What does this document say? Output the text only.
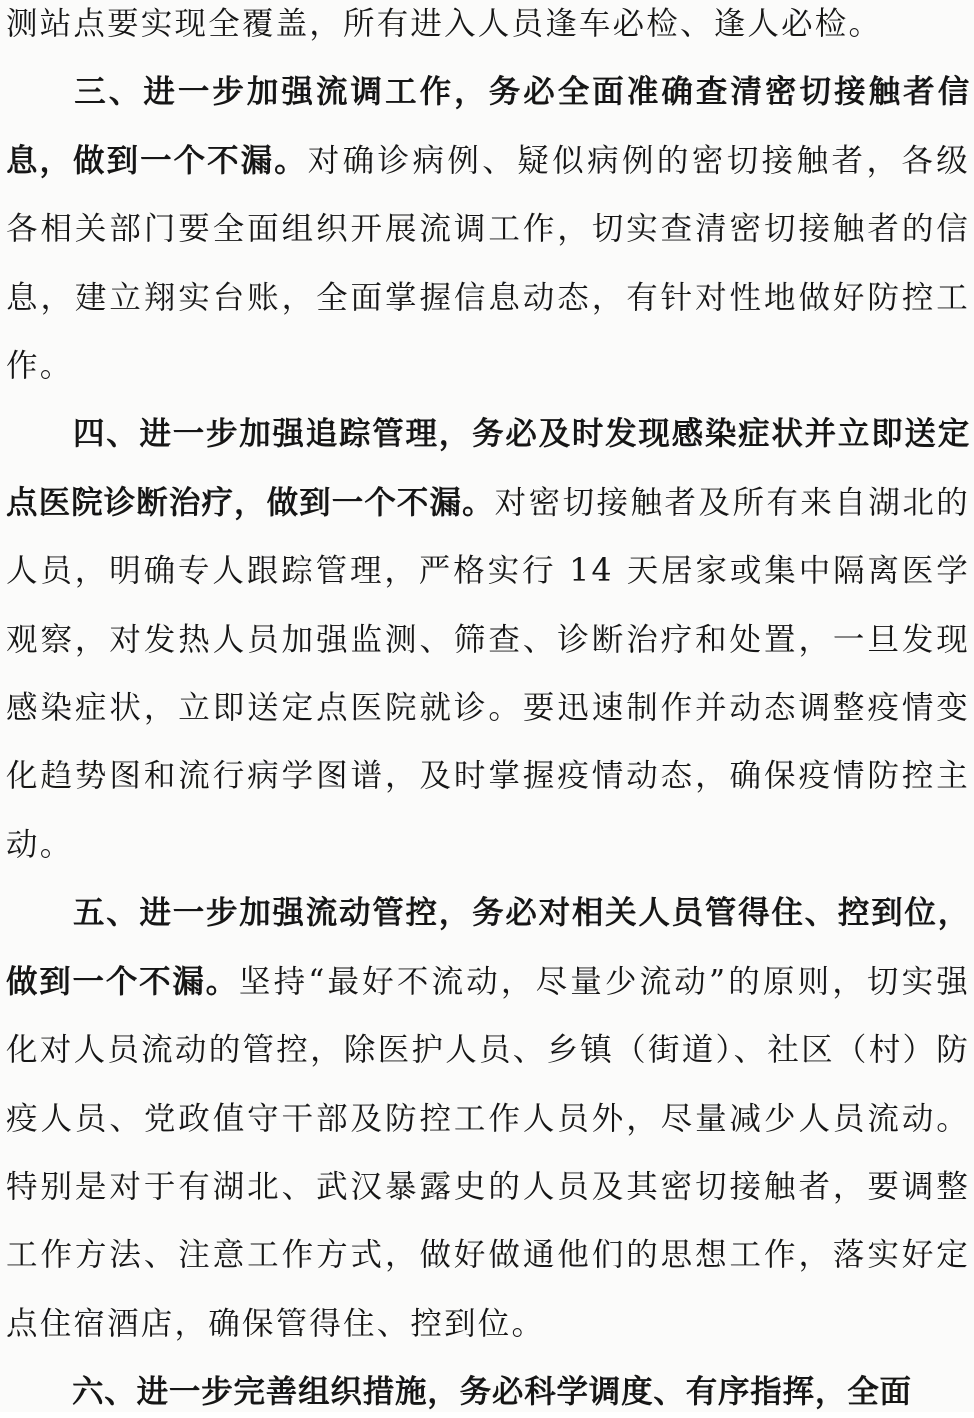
测站点要实现全覆盖，所有进入人员逢车必检、逢人必检。

三、进一步加强流调工作，务必全面准确查清密切接触者信息，做到一个不漏。对确诊病例、疑似病例的密切接触者，各级各相关部门要全面组织开展流调工作，切实查清密切接触者的信息，建立翔实台账，全面掌握信息动态，有针对性地做好防控工作。

四、进一步加强追踪管理，务必及时发现感染症状并立即送定点医院诊断治疗，做到一个不漏。对密切接触者及所有来自湖北的人员，明确专人跟踪管理，严格实行 14 天居家或集中隔离医学观察，对发热人员加强监测、筛查、诊断治疗和处置，一旦发现感染症状，立即送定点医院就诊。要迅速制作并动态调整疫情变化趋势图和流行病学图谱，及时掌握疫情动态，确保疫情防控主动。

五、进一步加强流动管控，务必对相关人员管得住、控到位，做到一个不漏。坚持“最好不流动，尽量少流动”的原则，切实强化对人员流动的管控，除医护人员、乡镇（街道）、社区（村）防疫人员、党政值守干部及防控工作人员外，尽量减少人员流动。特别是对于有湖北、武汉暴露史的人员及其密切接触者，要调整工作方法、注意工作方式，做好做通他们的思想工作，落实好定点住宿酒店，确保管得住、控到位。

六、进一步完善组织措施，务必科学调度、有序指挥，全面
